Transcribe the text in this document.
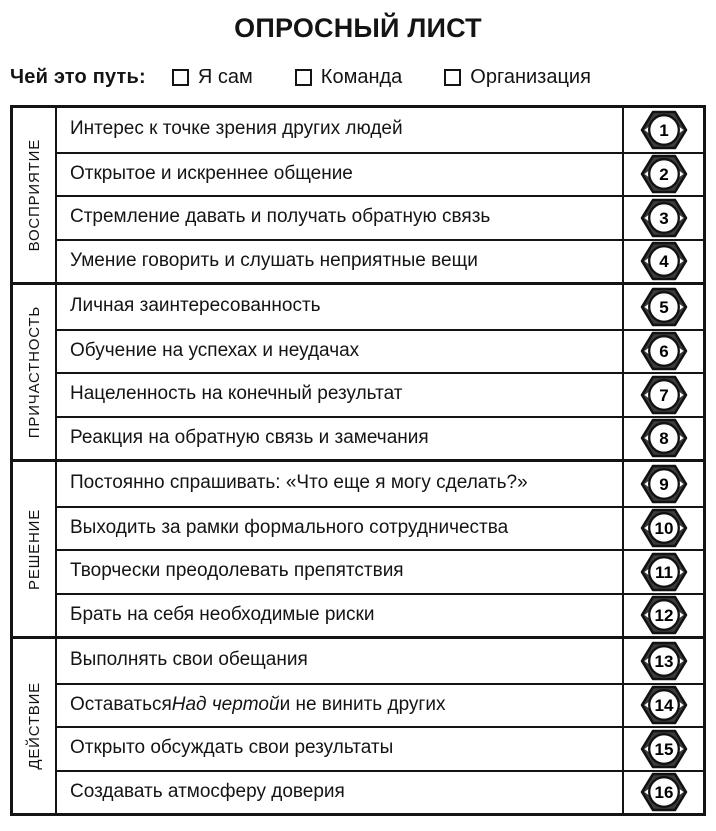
ОПРОСНЫЙ ЛИСТ
Чей это путь:	Я сам	Команда	Организация
ВОСПРИЯТИЕ
Интерес к точке зрения других людей	1
Открытое и искреннее общение	2
Стремление давать и получать обратную связь	3
Умение говорить и слушать неприятные вещи	4
ПРИЧАСТНОСТЬ
Личная заинтересованность	5
Обучение на успехах и неудачах	6
Нацеленность на конечный результат	7
Реакция на обратную связь и замечания	8
РЕШЕНИЕ
Постоянно спрашивать: «Что еще я могу сделать?»	9
Выходить за рамки формального сотрудничества	10
Творчески преодолевать препятствия	11
Брать на себя необходимые риски	12
ДЕЙСТВИЕ
Выполнять свои обещания	13
Оставаться Над чертой и не винить других	14
Открыто обсуждать свои результаты	15
Создавать атмосферу доверия	16
